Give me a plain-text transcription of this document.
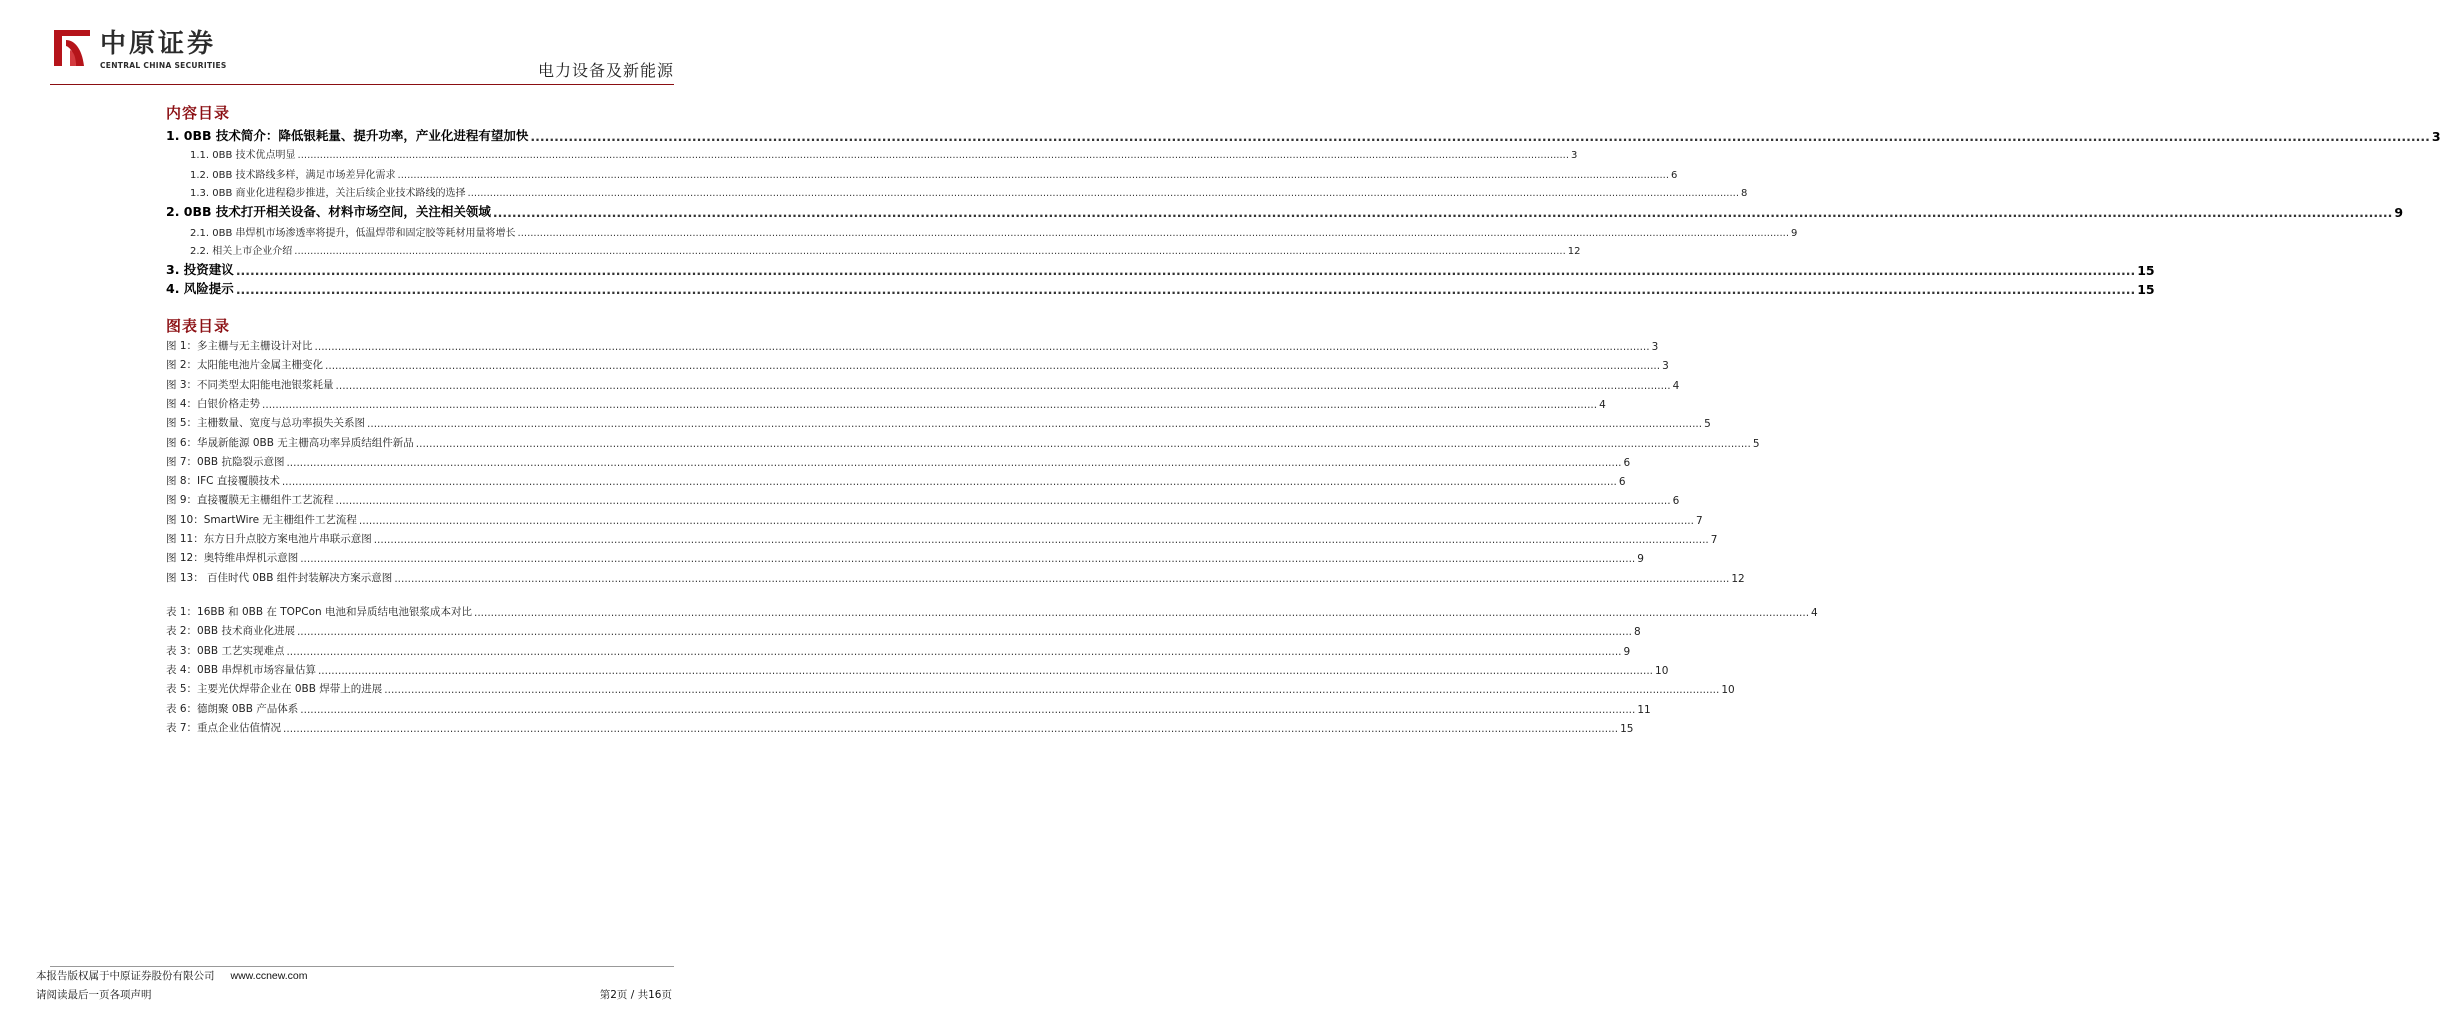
中原证券
CENTRAL CHINA SECURITIES	电力设备及新能源
内容目录
1. 0BB 技术简介：降低银耗量、提升功率，产业化进程有望加快 ................................................................................................................................................................................................................................................................................................................................................................................................................ 3
1.1. 0BB 技术优点明显 ................................................................................................................................................................................................................................................................................................................................................................................................................ 3
1.2. 0BB 技术路线多样，满足市场差异化需求 ................................................................................................................................................................................................................................................................................................................................................................................................................ 6
1.3. 0BB 商业化进程稳步推进，关注后续企业技术路线的选择 ................................................................................................................................................................................................................................................................................................................................................................................................................ 8
2. 0BB 技术打开相关设备、材料市场空间，关注相关领域 ................................................................................................................................................................................................................................................................................................................................................................................................................ 9
2.1. 0BB 串焊机市场渗透率将提升，低温焊带和固定胶等耗材用量将增长 ................................................................................................................................................................................................................................................................................................................................................................................................................ 9
2.2. 相关上市企业介绍 ................................................................................................................................................................................................................................................................................................................................................................................................................ 12
3. 投资建议 ................................................................................................................................................................................................................................................................................................................................................................................................................ 15
4. 风险提示 ................................................................................................................................................................................................................................................................................................................................................................................................................ 15
图表目录
图 1：多主栅与无主栅设计对比 ................................................................................................................................................................................................................................................................................................................................................................................................................ 3
图 2：太阳能电池片金属主栅变化 ................................................................................................................................................................................................................................................................................................................................................................................................................ 3
图 3：不同类型太阳能电池银浆耗量 ................................................................................................................................................................................................................................................................................................................................................................................................................ 4
图 4：白银价格走势 ................................................................................................................................................................................................................................................................................................................................................................................................................ 4
图 5：主栅数量、宽度与总功率损失关系图 ................................................................................................................................................................................................................................................................................................................................................................................................................ 5
图 6：华晟新能源 0BB 无主栅高功率异质结组件新品 ................................................................................................................................................................................................................................................................................................................................................................................................................ 5
图 7：0BB 抗隐裂示意图 ................................................................................................................................................................................................................................................................................................................................................................................................................ 6
图 8：IFC 直接覆膜技术 ................................................................................................................................................................................................................................................................................................................................................................................................................ 6
图 9：直接覆膜无主栅组件工艺流程 ................................................................................................................................................................................................................................................................................................................................................................................................................ 6
图 10：SmartWire 无主栅组件工艺流程 ................................................................................................................................................................................................................................................................................................................................................................................................................ 7
图 11：东方日升点胶方案电池片串联示意图 ................................................................................................................................................................................................................................................................................................................................................................................................................ 7
图 12：奥特维串焊机示意图 ................................................................................................................................................................................................................................................................................................................................................................................................................ 9
图 13： 百佳时代 0BB 组件封装解决方案示意图 ................................................................................................................................................................................................................................................................................................................................................................................................................ 12
表 1：16BB 和 0BB 在 TOPCon 电池和异质结电池银浆成本对比 ................................................................................................................................................................................................................................................................................................................................................................................................................ 4
表 2：0BB 技术商业化进展 ................................................................................................................................................................................................................................................................................................................................................................................................................ 8
表 3：0BB 工艺实现难点 ................................................................................................................................................................................................................................................................................................................................................................................................................ 9
表 4：0BB 串焊机市场容量估算 ................................................................................................................................................................................................................................................................................................................................................................................................................ 10
表 5：主要光伏焊带企业在 0BB 焊带上的进展 ................................................................................................................................................................................................................................................................................................................................................................................................................ 10
表 6：德朗聚 0BB 产品体系 ................................................................................................................................................................................................................................................................................................................................................................................................................ 11
表 7：重点企业估值情况 ................................................................................................................................................................................................................................................................................................................................................................................................................ 15
本报告版权属于中原证券股份有限公司 www.ccnew.com
请阅读最后一页各项声明	第2页 / 共16页
